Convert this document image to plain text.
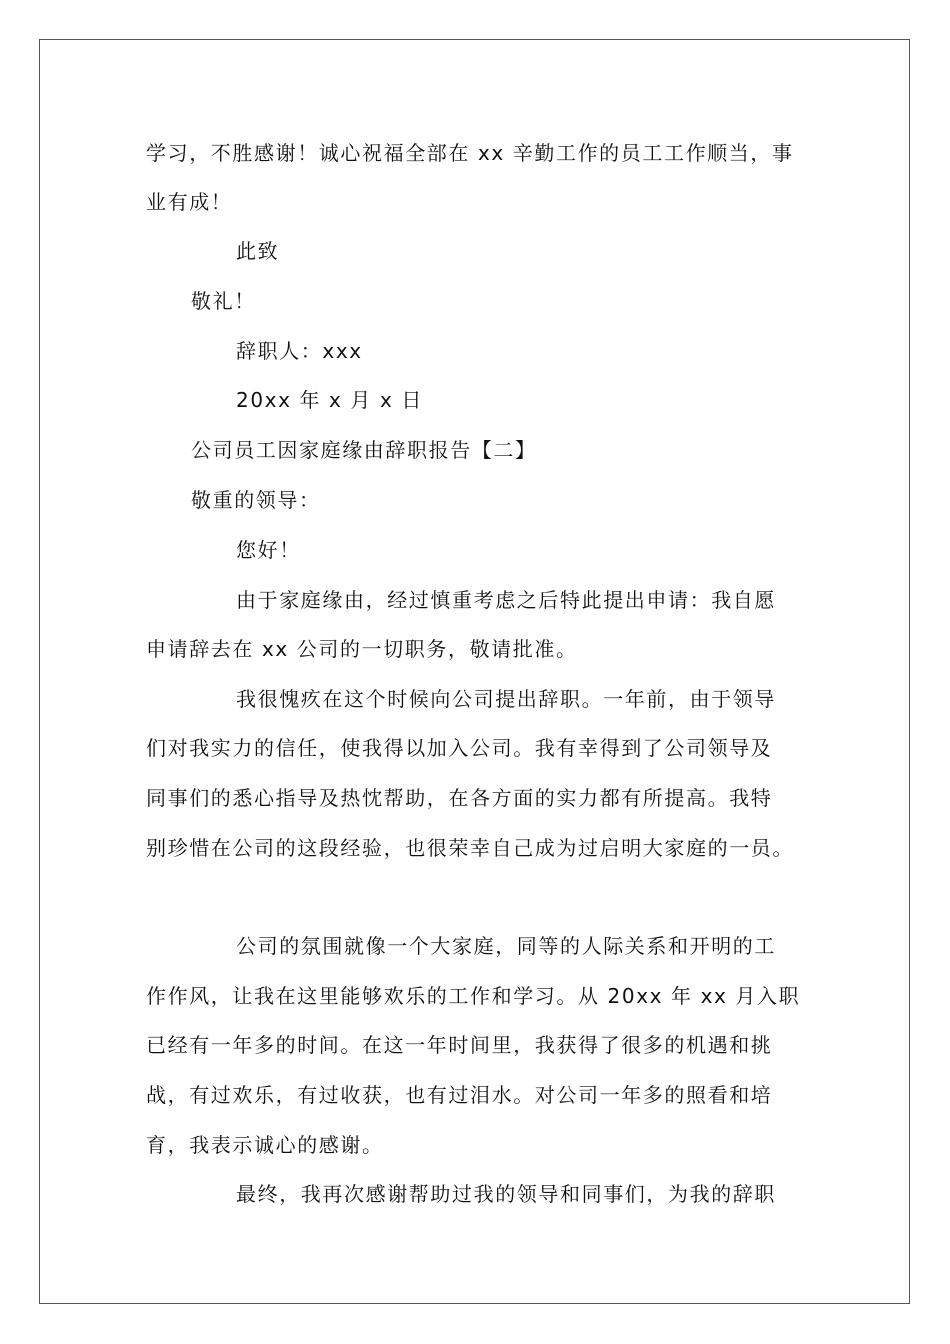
学习，不胜感谢！诚心祝福全部在 xx 辛勤工作的员工工作顺当，事
业有成！
此致
敬礼！
辞职人：xxx
20xx 年 x 月 x 日
公司员工因家庭缘由辞职报告【二】
敬重的领导：
您好！
由于家庭缘由，经过慎重考虑之后特此提出申请：我自愿
申请辞去在 xx 公司的一切职务，敬请批准。
我很愧疚在这个时候向公司提出辞职。一年前，由于领导
们对我实力的信任，使我得以加入公司。我有幸得到了公司领导及
同事们的悉心指导及热忱帮助，在各方面的实力都有所提高。我特
别珍惜在公司的这段经验，也很荣幸自己成为过启明大家庭的一员。
公司的氛围就像一个大家庭，同等的人际关系和开明的工
作作风，让我在这里能够欢乐的工作和学习。从 20xx 年 xx 月入职
已经有一年多的时间。在这一年时间里，我获得了很多的机遇和挑
战，有过欢乐，有过收获，也有过泪水。对公司一年多的照看和培
育，我表示诚心的感谢。
最终，我再次感谢帮助过我的领导和同事们，为我的辞职
